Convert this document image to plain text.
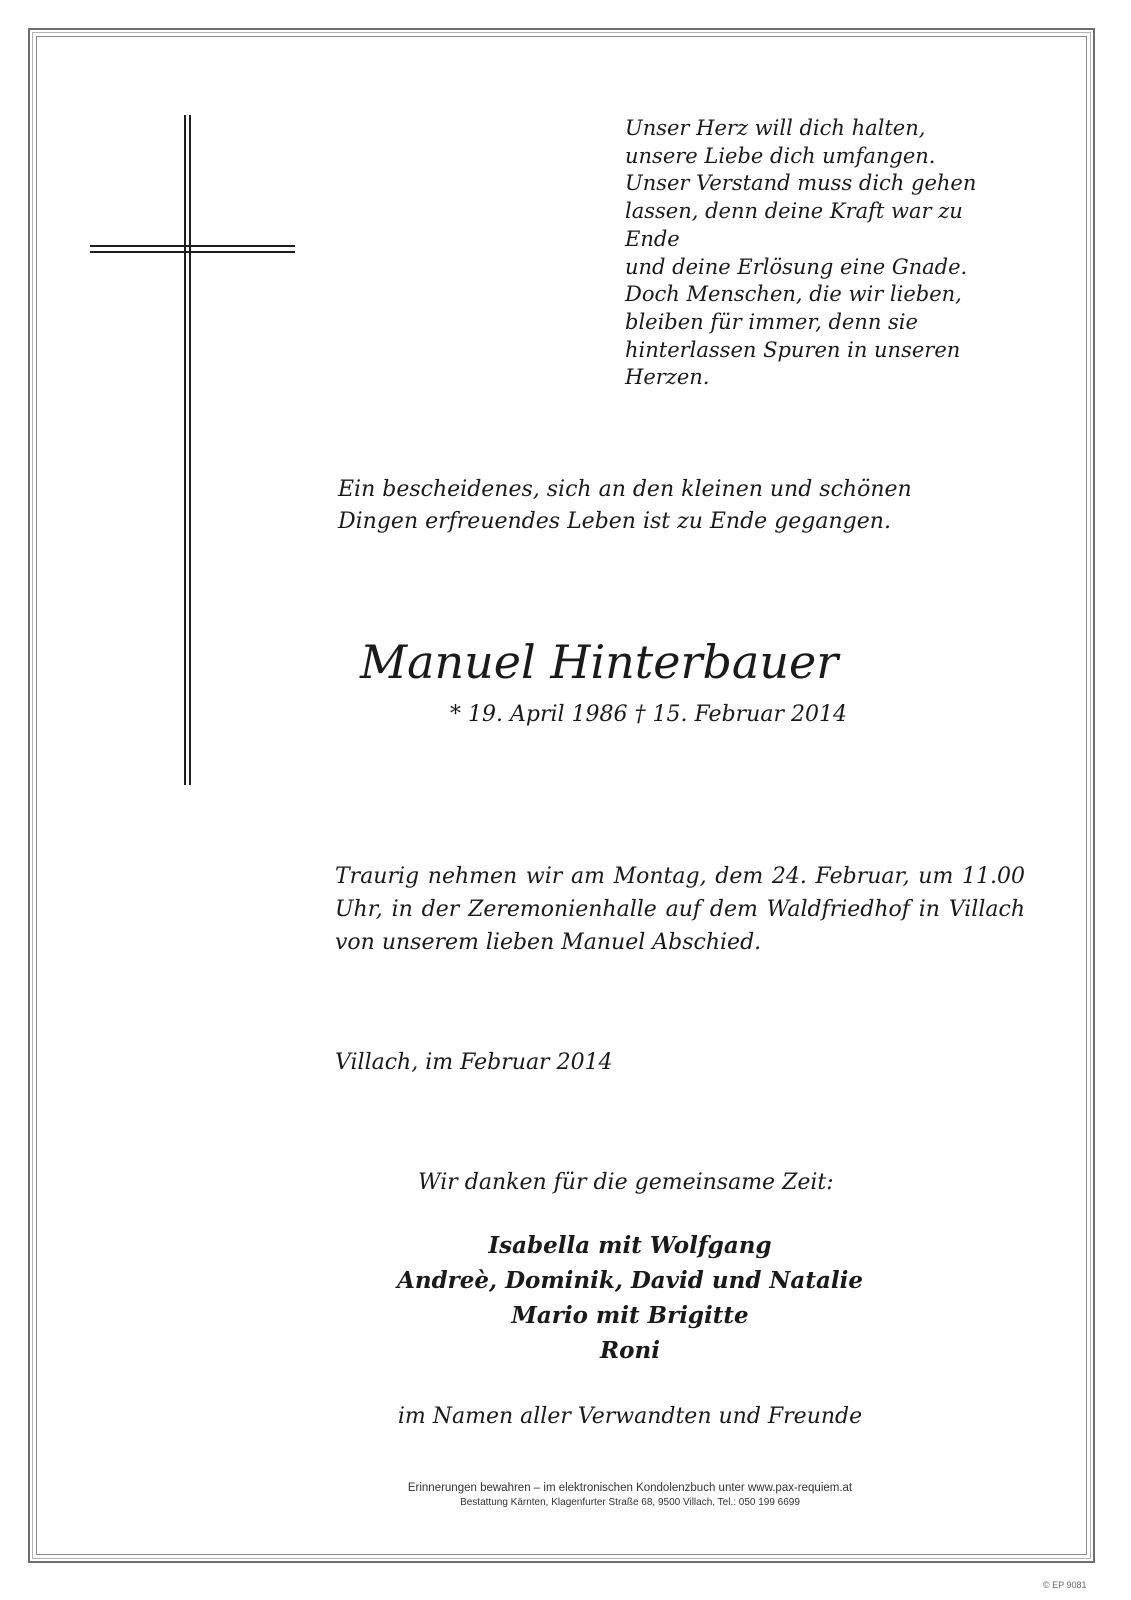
Unser Herz will dich halten,
unsere Liebe dich umfangen.
Unser Verstand muss dich gehen
lassen, denn deine Kraft war zu
Ende
und deine Erlösung eine Gnade.
Doch Menschen, die wir lieben,
bleiben für immer, denn sie
hinterlassen Spuren in unseren
Herzen.
Ein bescheidenes, sich an den kleinen und schönen
Dingen erfreuendes Leben ist zu Ende gegangen.
Manuel Hinterbauer
* 19. April 1986 † 15. Februar 2014
Traurig nehmen wir am Montag, dem 24. Februar, um 11.00 Uhr, in der Zeremonienhalle auf dem Waldfriedhof in Villach von unserem lieben Manuel Abschied.
Villach, im Februar 2014
Wir danken für die gemeinsame Zeit:
Isabella mit Wolfgang
Andreè, Dominik, David und Natalie
Mario mit Brigitte
Roni
im Namen aller Verwandten und Freunde
Erinnerungen bewahren – im elektronischen Kondolenzbuch unter www.pax-requiem.at
Bestattung Kärnten, Klagenfurter Straße 68, 9500 Villach, Tel.: 050 199 6699
© EP 9081
